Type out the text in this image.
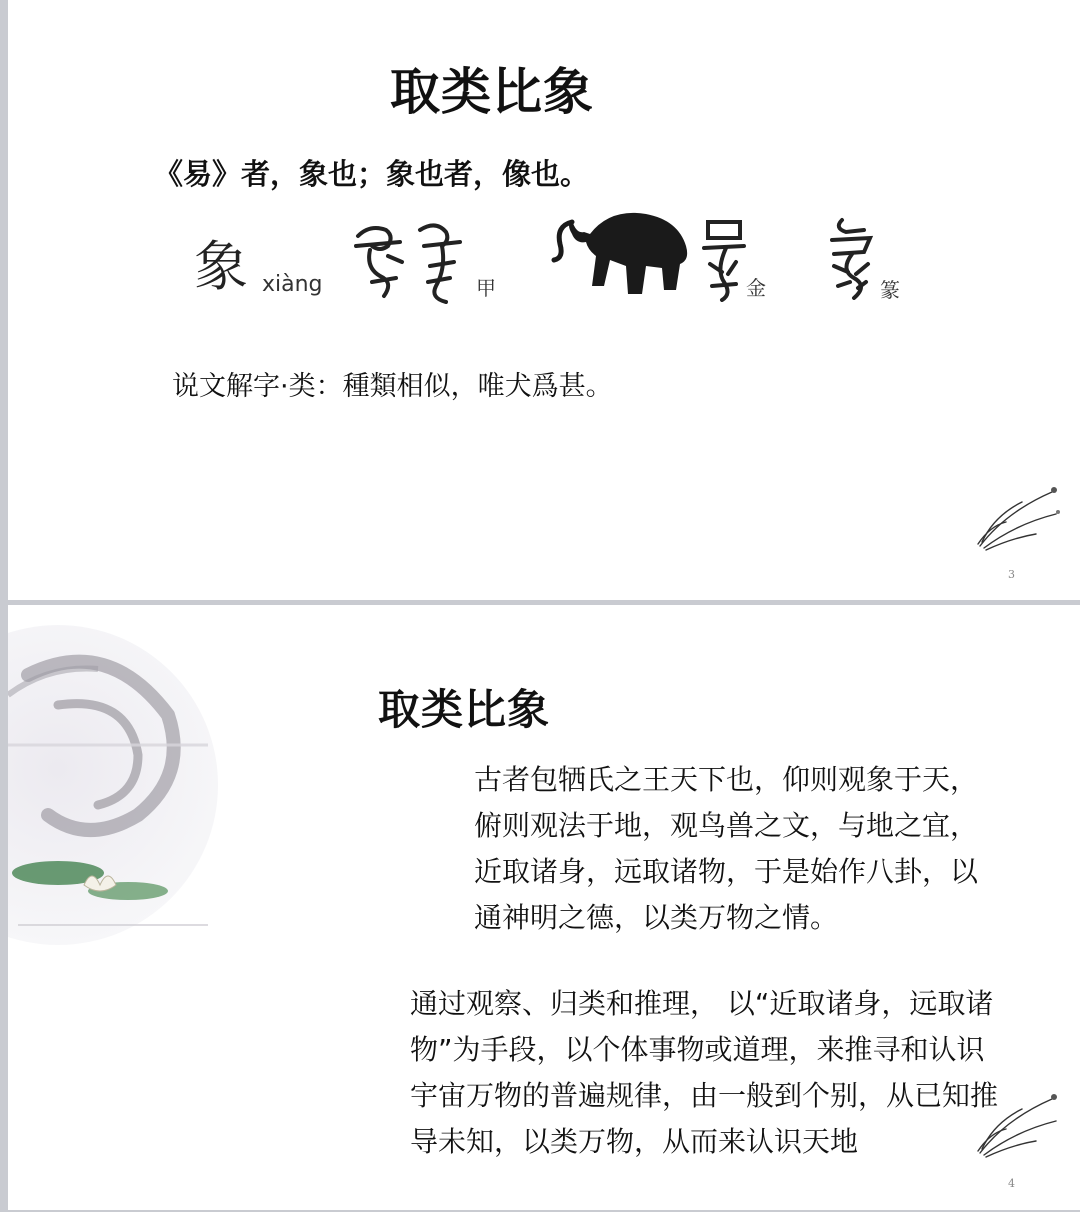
取类比象
《易》者，象也；象也者，像也。
象 xiàng	甲	金	篆
说文解字·类：種類相似，唯犬爲甚。
3
取类比象

古者包牺氏之王天下也，仰则观象于天，俯则观法于地，观鸟兽之文，与地之宜，近取诸身，远取诸物，于是始作八卦，以通神明之德，以类万物之情。

通过观察、归类和推理， 以“近取诸身，远取诸物”为手段，以个体事物或道理，来推寻和认识宇宙万物的普遍规律，由一般到个别，从已知推导未知，以类万物，从而来认识天地

4
